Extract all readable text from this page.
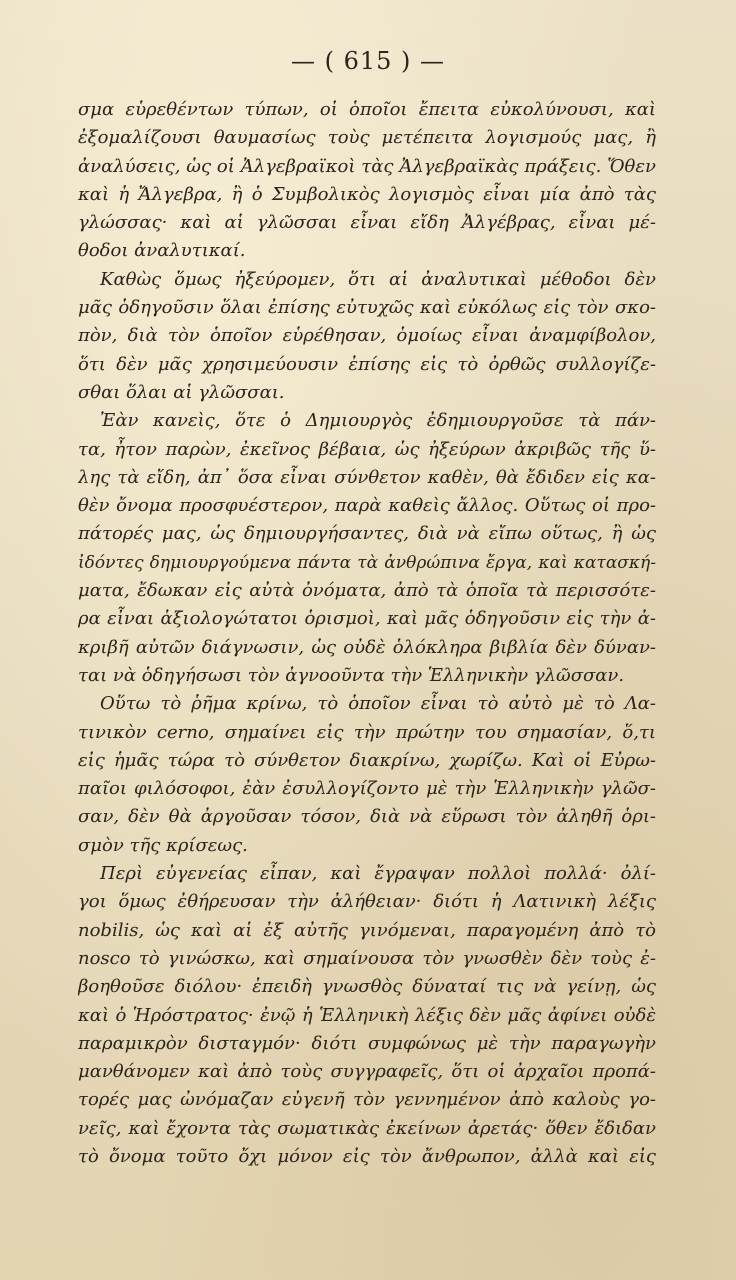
— ( 615 ) —
σμα εὑρεθέντων τύπων, οἱ ὁποῖοι ἔπειτα εὐκολύνουσι, καὶ
ἐξομαλίζουσι θαυμασίως τοὺς μετέπειτα λογισμούς μας, ἢ
ἀναλύσεις, ὡς οἱ Ἀλγεβραϊκοὶ τὰς Ἀλγεβραϊκὰς πράξεις. Ὅθεν
καὶ ἡ Ἄλγεβρα, ἢ ὁ Συμβολικὸς λογισμὸς εἶναι μία ἀπὸ τὰς
γλώσσας· καὶ αἱ γλῶσσαι εἶναι εἴδη Ἀλγέβρας, εἶναι μέ-
θοδοι ἀναλυτικαί.
Καθὼς ὅμως ἠξεύρομεν, ὅτι αἱ ἀναλυτικαὶ μέθοδοι δὲν
μᾶς ὁδηγοῦσιν ὅλαι ἐπίσης εὐτυχῶς καὶ εὐκόλως εἰς τὸν σκο-
πὸν, διὰ τὸν ὁποῖον εὑρέθησαν, ὁμοίως εἶναι ἀναμφίβολον,
ὅτι δὲν μᾶς χρησιμεύουσιν ἐπίσης εἰς τὸ ὀρθῶς συλλογίζε-
σθαι ὅλαι αἱ γλῶσσαι.
Ἐὰν κανεὶς, ὅτε ὁ Δημιουργὸς ἐδημιουργοῦσε τὰ πάν-
τα, ἦτον παρὼν, ἐκεῖνος βέβαια, ὡς ἠξεύρων ἀκριβῶς τῆς ὕ-
λης τὰ εἴδη, ἀπ᾽ ὅσα εἶναι σύνθετον καθὲν, θὰ ἔδιδεν εἰς κα-
θὲν ὄνομα προσφυέστερον, παρὰ καθεὶς ἄλλος. Οὕτως οἱ προ-
πάτορές μας, ὡς δημιουργήσαντες, διὰ νὰ εἴπω οὕτως, ἢ ὡς
ἰδόντες δημιουργούμενα πάντα τὰ ἀνθρώπινα ἔργα, καὶ κατασκή-
ματα, ἔδωκαν εἰς αὐτὰ ὀνόματα, ἀπὸ τὰ ὁποῖα τὰ περισσότε-
ρα εἶναι ἀξιολογώτατοι ὁρισμοὶ, καὶ μᾶς ὁδηγοῦσιν εἰς τὴν ἀ-
κριβῆ αὐτῶν διάγνωσιν, ὡς οὐδὲ ὁλόκληρα βιβλία δὲν δύναν-
ται νὰ ὁδηγήσωσι τὸν ἀγνοοῦντα τὴν Ἑλληνικὴν γλῶσσαν.
Οὕτω τὸ ῥῆμα κρίνω, τὸ ὁποῖον εἶναι τὸ αὐτὸ μὲ τὸ Λα-
τινικὸν cerno, σημαίνει εἰς τὴν πρώτην του σημασίαν, ὅ,τι
εἰς ἡμᾶς τώρα τὸ σύνθετον διακρίνω, χωρίζω. Καὶ οἱ Εὐρω-
παῖοι φιλόσοφοι, ἐὰν ἐσυλλογίζοντο μὲ τὴν Ἑλληνικὴν γλῶσ-
σαν, δὲν θὰ ἀργοῦσαν τόσον, διὰ νὰ εὕρωσι τὸν ἀληθῆ ὁρι-
σμὸν τῆς κρίσεως.
Περὶ εὐγενείας εἶπαν, καὶ ἔγραψαν πολλοὶ πολλά· ὀλί-
γοι ὅμως ἐθήρευσαν τὴν ἀλήθειαν· διότι ἡ Λατινικὴ λέξις
nobilis, ὡς καὶ αἱ ἐξ αὐτῆς γινόμεναι, παραγομένη ἀπὸ τὸ
nosco τὸ γινώσκω, καὶ σημαίνουσα τὸν γνωσθὲν δὲν τοὺς ἐ-
βοηθοῦσε διόλου· ἐπειδὴ γνωσθὸς δύναταί τις νὰ γείνῃ, ὡς
καὶ ὁ Ἡρόστρατος· ἐνῷ ἡ Ἑλληνικὴ λέξις δὲν μᾶς ἀφίνει οὐδὲ
παραμικρὸν δισταγμόν· διότι συμφώνως μὲ τὴν παραγωγὴν
μανθάνομεν καὶ ἀπὸ τοὺς συγγραφεῖς, ὅτι οἱ ἀρχαῖοι προπά-
τορές μας ὠνόμαζαν εὐγενῆ τὸν γεννημένον ἀπὸ καλοὺς γο-
νεῖς, καὶ ἔχοντα τὰς σωματικὰς ἐκείνων ἀρετάς· ὅθεν ἔδιδαν
τὸ ὄνομα τοῦτο ὄχι μόνον εἰς τὸν ἄνθρωπον, ἀλλὰ καὶ εἰς
